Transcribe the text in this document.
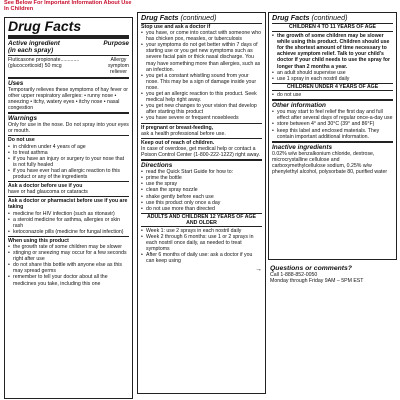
See Below For Important Information About Use In Children

Drug Facts

Active ingredient

(in each spray)

Purpose

Fluticasone propionate.............

(glucocorticoid) 50 mcg

Allergy

symptom

reliever

Uses

Temporarily relieves these symptoms of hay fever or other upper respiratory allergies: • runny nose • sneezing • itchy, watery eyes • itchy nose • nasal congestion

Warnings

Only for use in the nose. Do not spray into your eyes or mouth.

Do not use

• in children under 4 years of age
• to treat asthma
• if you have an injury or surgery to your nose that is not fully healed
• if you have ever had an allergic reaction to this product or any of the ingredients

Ask a doctor before use if you

have or had glaucoma or cataracts

Ask a doctor or pharmacist before use if you are taking

• medicine for HIV infection (such as ritonavir)
• a steroid medicine for asthma, allergies or skin rash
• ketoconazole pills (medicine for fungal infection)

When using this product

• the growth rate of some children may be slower
• stinging or sneezing may occur for a few seconds right after use
• do not share this bottle with anyone else as this may spread germs
• remember to tell your doctor about all the medicines you take, including this one

Drug Facts (continued)

Stop use and ask a doctor if

• you have, or come into contact with someone who has chicken pox, measles, or tuberculosis
• your symptoms do not get better within 7 days of starting use or you get new symptoms such as severe facial pain or thick nasal discharge. You may have something more than allergies, such as an infection.
• you get a constant whistling sound from your nose. This may be a sign of damage inside your nose.
• you get an allergic reaction to this product. Seek medical help right away.
• you get new changes to your vision that develop after starting this product
• you have severe or frequent nosebleeds

If pregnant or breast-feeding,

ask a health professional before use.

Keep out of reach of children.

In case of overdose, get medical help or contact a Poison Control Center (1-800-222-1222) right away.

Directions

• read the Quick Start Guide for how to:
• prime the bottle
• use the spray
• clean the spray nozzle
• shake gently before each use
• use this product only once a day
• do not use more than directed

ADULTS AND CHILDREN 12 YEARS OF AGE AND OLDER

• Week 1: use 2 sprays in each nostril daily
• Week 2 through 6 months: use 1 or 2 sprays in each nostril once daily, as needed to treat symptoms
• After 6 months of daily use: ask a doctor if you can keep using
→

Drug Facts (continued)

CHILDREN 4 TO 11 YEARS OF AGE

• the growth of some children may be slower while using this product. Children should use for the shortest amount of time necessary to achieve symptom relief. Talk to your child's doctor if your child needs to use the spray for longer than 2 months a year.
• an adult should supervise use
• use 1 spray in each nostril daily

CHILDREN UNDER 4 YEARS OF AGE

• do not use

Other information

• you may start to feel relief the first day and full effect after several days of regular once-a-day use
• store between 4° and 30°C (39° and 86°F)
• keep this label and enclosed materials. They contain important additional information.

Inactive ingredients

0.02% w/w benzalkonium chloride, dextrose, microcrystalline cellulose and carboxymethylcellulose sodium, 0.25% w/w phenylethyl alcohol, polysorbate 80, purified water

Questions or comments?

Call 1-888-852-0050

Monday through Friday 9AM – 5PM EST
